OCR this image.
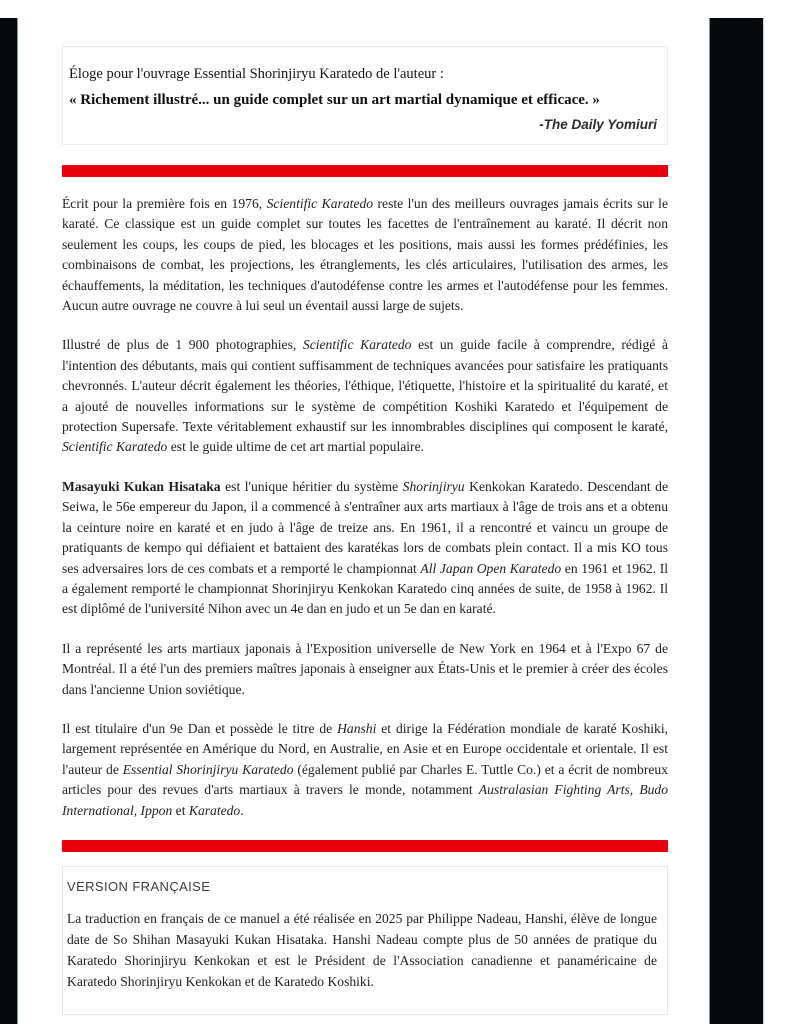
Éloge pour l'ouvrage Essential Shorinjiryu Karatedo de l'auteur :
« Richement illustré... un guide complet sur un art martial dynamique et efficace. »
-The Daily Yomiuri

Écrit pour la première fois en 1976, Scientific Karatedo reste l'un des meilleurs ouvrages jamais écrits sur le karaté. Ce classique est un guide complet sur toutes les facettes de l'entraînement au karaté. Il décrit non seulement les coups, les coups de pied, les blocages et les positions, mais aussi les formes prédéfinies, les combinaisons de combat, les projections, les étranglements, les clés articulaires, l'utilisation des armes, les échauffements, la méditation, les techniques d'autodéfense contre les armes et l'autodéfense pour les femmes. Aucun autre ouvrage ne couvre à lui seul un éventail aussi large de sujets.

Illustré de plus de 1 900 photographies, Scientific Karatedo est un guide facile à comprendre, rédigé à l'intention des débutants, mais qui contient suffisamment de techniques avancées pour satisfaire les pratiquants chevronnés. L'auteur décrit également les théories, l'éthique, l'étiquette, l'histoire et la spiritualité du karaté, et a ajouté de nouvelles informations sur le système de compétition Koshiki Karatedo et l'équipement de protection Supersafe. Texte véritablement exhaustif sur les innombrables disciplines qui composent le karaté, Scientific Karatedo est le guide ultime de cet art martial populaire.

Masayuki Kukan Hisataka est l'unique héritier du système Shorinjiryu Kenkokan Karatedo. Descendant de Seiwa, le 56e empereur du Japon, il a commencé à s'entraîner aux arts martiaux à l'âge de trois ans et a obtenu la ceinture noire en karaté et en judo à l'âge de treize ans. En 1961, il a rencontré et vaincu un groupe de pratiquants de kempo qui défiaient et battaient des karatékas lors de combats plein contact. Il a mis KO tous ses adversaires lors de ces combats et a remporté le championnat All Japan Open Karatedo en 1961 et 1962. Il a également remporté le championnat Shorinjiryu Kenkokan Karatedo cinq années de suite, de 1958 à 1962. Il est diplômé de l'université Nihon avec un 4e dan en judo et un 5e dan en karaté.

Il a représenté les arts martiaux japonais à l'Exposition universelle de New York en 1964 et à l'Expo 67 de Montréal. Il a été l'un des premiers maîtres japonais à enseigner aux États-Unis et le premier à créer des écoles dans l'ancienne Union soviétique.

Il est titulaire d'un 9e Dan et possède le titre de Hanshi et dirige la Fédération mondiale de karaté Koshiki, largement représentée en Amérique du Nord, en Australie, en Asie et en Europe occidentale et orientale. Il est l'auteur de Essential Shorinjiryu Karatedo (également publié par Charles E. Tuttle Co.) et a écrit de nombreux articles pour des revues d'arts martiaux à travers le monde, notamment Australasian Fighting Arts, Budo International, Ippon et Karatedo.

VERSION FRANÇAISE

La traduction en français de ce manuel a été réalisée en 2025 par Philippe Nadeau, Hanshi, élève de longue date de So Shihan Masayuki Kukan Hisataka. Hanshi Nadeau compte plus de 50 années de pratique du Karatedo Shorinjiryu Kenkokan et est le Président de l'Association canadienne et panaméricaine de Karatedo Shorinjiryu Kenkokan et de Karatedo Koshiki.
